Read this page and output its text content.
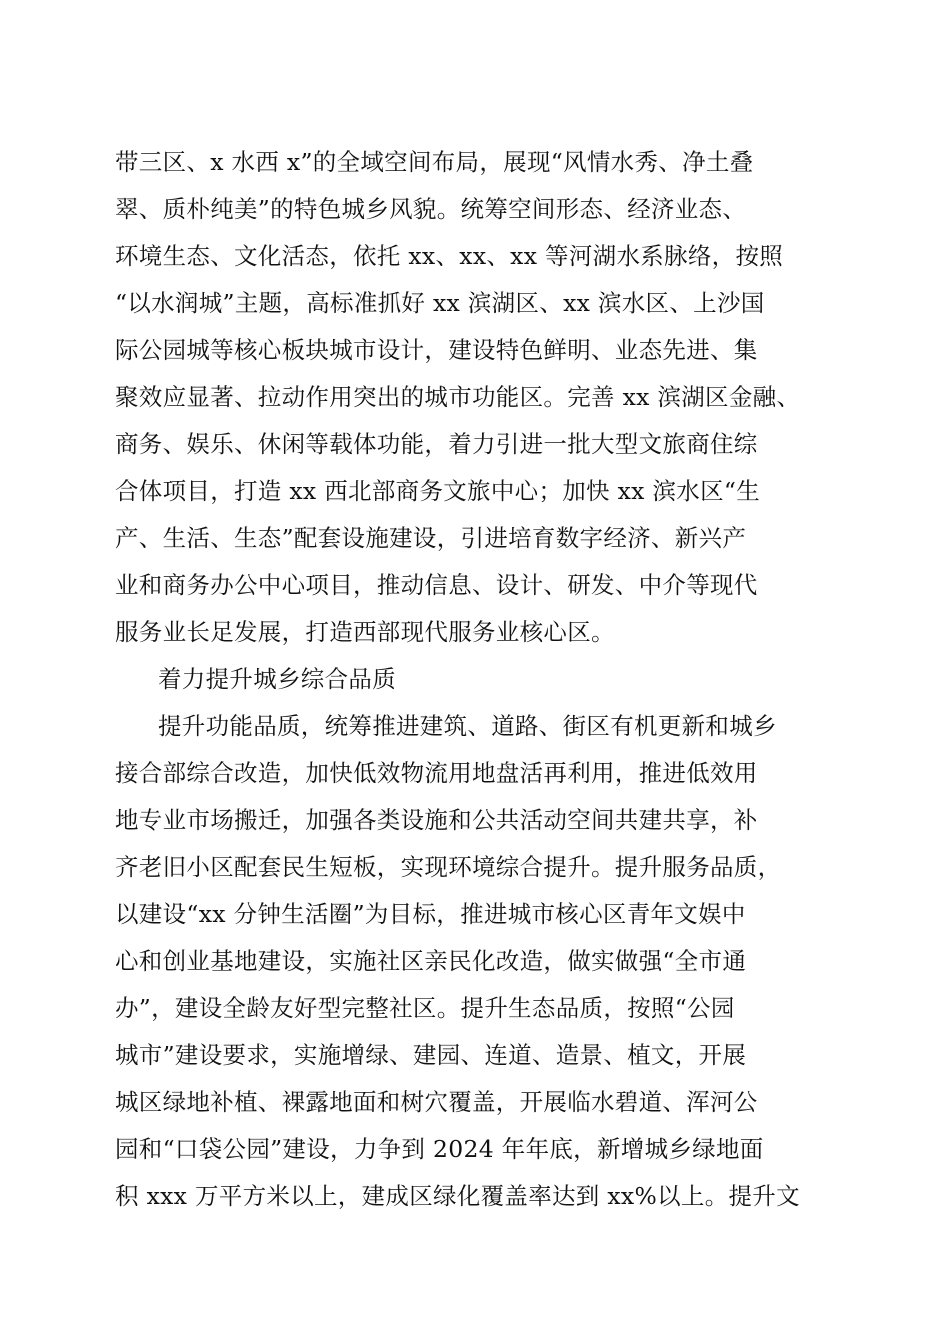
带三区、x 水西 x”的全域空间布局，展现“风情水秀、净土叠
翠、质朴纯美”的特色城乡风貌。统筹空间形态、经济业态、
环境生态、文化活态，依托 xx、xx、xx 等河湖水系脉络，按照
“以水润城”主题，高标准抓好 xx 滨湖区、xx 滨水区、上沙国
际公园城等核心板块城市设计，建设特色鲜明、业态先进、集
聚效应显著、拉动作用突出的城市功能区。完善 xx 滨湖区金融、
商务、娱乐、休闲等载体功能，着力引进一批大型文旅商住综
合体项目，打造 xx 西北部商务文旅中心；加快 xx 滨水区“生
产、生活、生态”配套设施建设，引进培育数字经济、新兴产
业和商务办公中心项目，推动信息、设计、研发、中介等现代
服务业长足发展，打造西部现代服务业核心区。
着力提升城乡综合品质
提升功能品质，统筹推进建筑、道路、街区有机更新和城乡
接合部综合改造，加快低效物流用地盘活再利用，推进低效用
地专业市场搬迁，加强各类设施和公共活动空间共建共享，补
齐老旧小区配套民生短板，实现环境综合提升。提升服务品质，
以建设“xx 分钟生活圈”为目标，推进城市核心区青年文娱中
心和创业基地建设，实施社区亲民化改造，做实做强“全市通
办”，建设全龄友好型完整社区。提升生态品质，按照“公园
城市”建设要求，实施增绿、建园、连道、造景、植文，开展
城区绿地补植、裸露地面和树穴覆盖，开展临水碧道、浑河公
园和“口袋公园”建设，力争到 2024 年年底，新增城乡绿地面
积 xxx 万平方米以上，建成区绿化覆盖率达到 xx%以上。提升文
